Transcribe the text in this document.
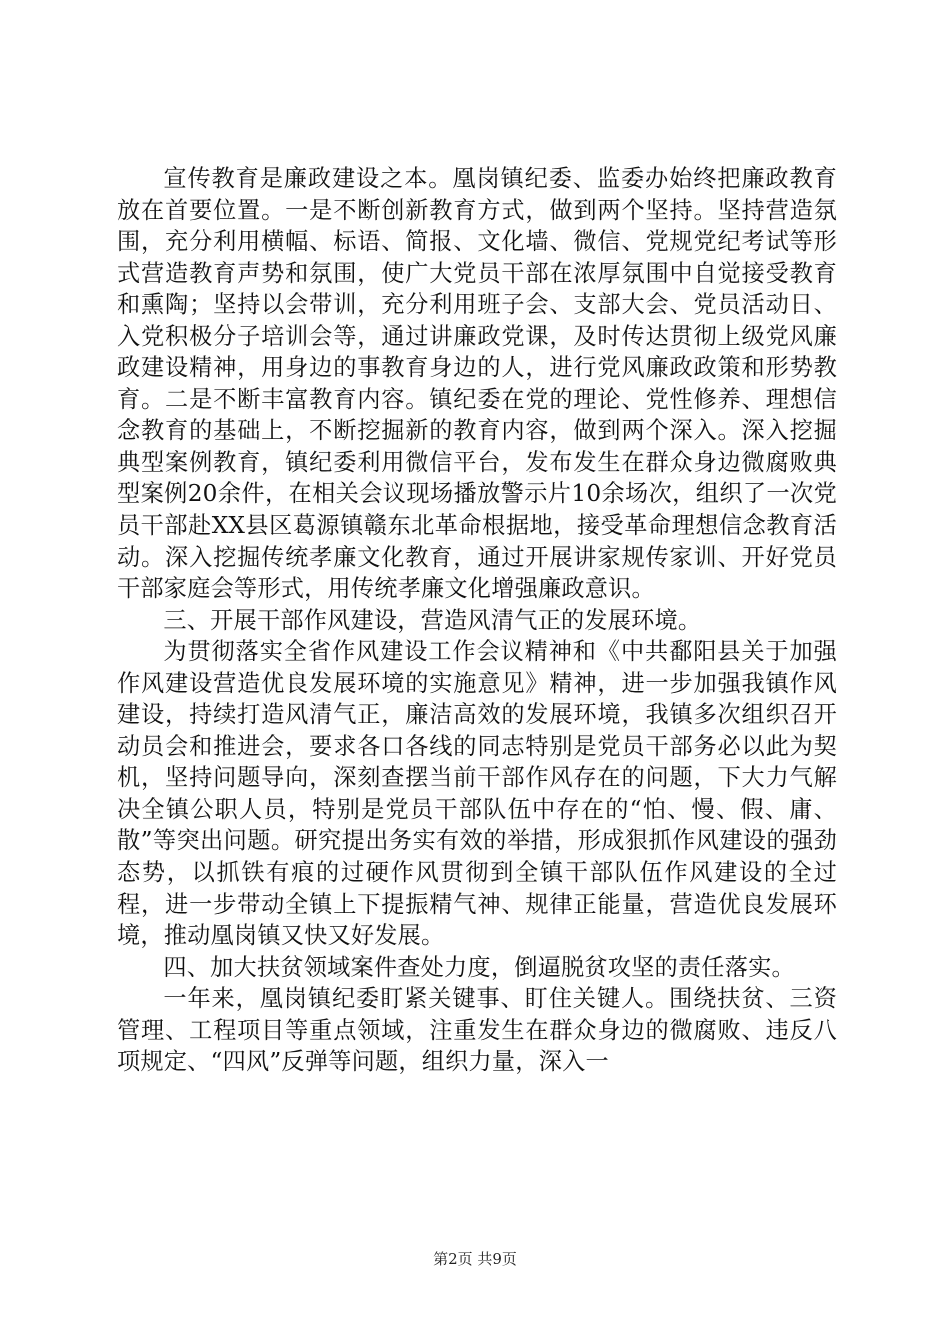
宣传教育是廉政建设之本。凰岗镇纪委、监委办始终把廉政教育放在首要位置。一是不断创新教育方式，做到两个坚持。坚持营造氛围，充分利用横幅、标语、简报、文化墙、微信、党规党纪考试等形式营造教育声势和氛围，使广大党员干部在浓厚氛围中自觉接受教育和熏陶；坚持以会带训，充分利用班子会、支部大会、党员活动日、入党积极分子培训会等，通过讲廉政党课，及时传达贯彻上级党风廉政建设精神，用身边的事教育身边的人，进行党风廉政政策和形势教育。二是不断丰富教育内容。镇纪委在党的理论、党性修养、理想信念教育的基础上，不断挖掘新的教育内容，做到两个深入。深入挖掘典型案例教育，镇纪委利用微信平台，发布发生在群众身边微腐败典型案例20余件，在相关会议现场播放警示片10余场次，组织了一次党员干部赴XX县区葛源镇赣东北革命根据地，接受革命理想信念教育活动。深入挖掘传统孝廉文化教育，通过开展讲家规传家训、开好党员干部家庭会等形式，用传统孝廉文化增强廉政意识。

三、开展干部作风建设，营造风清气正的发展环境。

为贯彻落实全省作风建设工作会议精神和《中共鄱阳县关于加强作风建设营造优良发展环境的实施意见》精神，进一步加强我镇作风建设，持续打造风清气正，廉洁高效的发展环境，我镇多次组织召开动员会和推进会，要求各口各线的同志特别是党员干部务必以此为契机，坚持问题导向，深刻查摆当前干部作风存在的问题，下大力气解决全镇公职人员，特别是党员干部队伍中存在的“怕、慢、假、庸、散”等突出问题。研究提出务实有效的举措，形成狠抓作风建设的强劲态势，以抓铁有痕的过硬作风贯彻到全镇干部队伍作风建设的全过程，进一步带动全镇上下提振精气神、规律正能量，营造优良发展环境，推动凰岗镇又快又好发展。

四、加大扶贫领域案件查处力度，倒逼脱贫攻坚的责任落实。

一年来，凰岗镇纪委盯紧关键事、盯住关键人。围绕扶贫、三资管理、工程项目等重点领域，注重发生在群众身边的微腐败、违反八项规定、“四风”反弹等问题，组织力量，深入一

第2页 共9页
